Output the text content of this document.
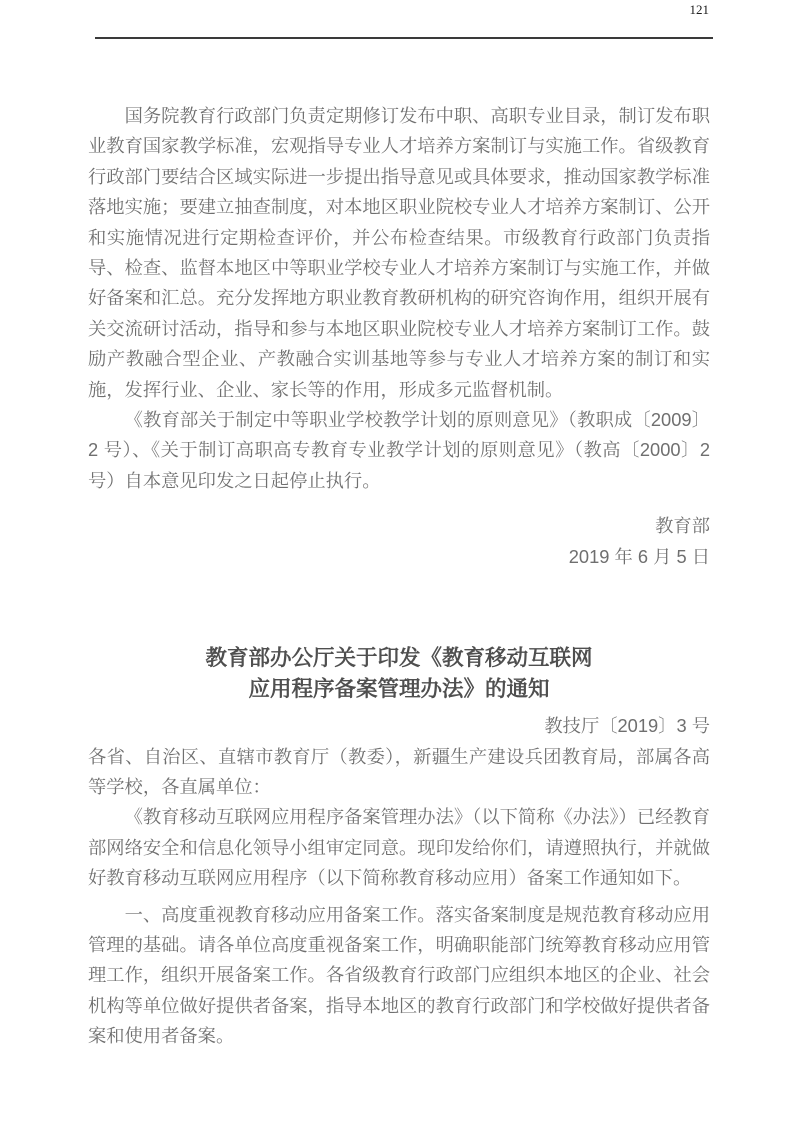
121

国务院教育行政部门负责定期修订发布中职、高职专业目录，制订发布职业教育国家教学标准，宏观指导专业人才培养方案制订与实施工作。省级教育行政部门要结合区域实际进一步提出指导意见或具体要求，推动国家教学标准落地实施；要建立抽查制度，对本地区职业院校专业人才培养方案制订、公开和实施情况进行定期检查评价，并公布检查结果。市级教育行政部门负责指导、检查、监督本地区中等职业学校专业人才培养方案制订与实施工作，并做好备案和汇总。充分发挥地方职业教育教研机构的研究咨询作用，组织开展有关交流研讨活动，指导和参与本地区职业院校专业人才培养方案制订工作。鼓励产教融合型企业、产教融合实训基地等参与专业人才培养方案的制订和实施，发挥行业、企业、家长等的作用，形成多元监督机制。

《教育部关于制定中等职业学校教学计划的原则意见》（教职成〔2009〕2 号）、《关于制订高职高专教育专业教学计划的原则意见》（教高〔2000〕2 号）自本意见印发之日起停止执行。

教育部

2019 年 6 月 5 日

教育部办公厅关于印发《教育移动互联网
应用程序备案管理办法》的通知

教技厅〔2019〕3 号

各省、自治区、直辖市教育厅（教委），新疆生产建设兵团教育局，部属各高等学校，各直属单位：

《教育移动互联网应用程序备案管理办法》（以下简称《办法》）已经教育部网络安全和信息化领导小组审定同意。现印发给你们，请遵照执行，并就做好教育移动互联网应用程序（以下简称教育移动应用）备案工作通知如下。

一、高度重视教育移动应用备案工作。落实备案制度是规范教育移动应用管理的基础。请各单位高度重视备案工作，明确职能部门统筹教育移动应用管理工作，组织开展备案工作。各省级教育行政部门应组织本地区的企业、社会机构等单位做好提供者备案，指导本地区的教育行政部门和学校做好提供者备案和使用者备案。
